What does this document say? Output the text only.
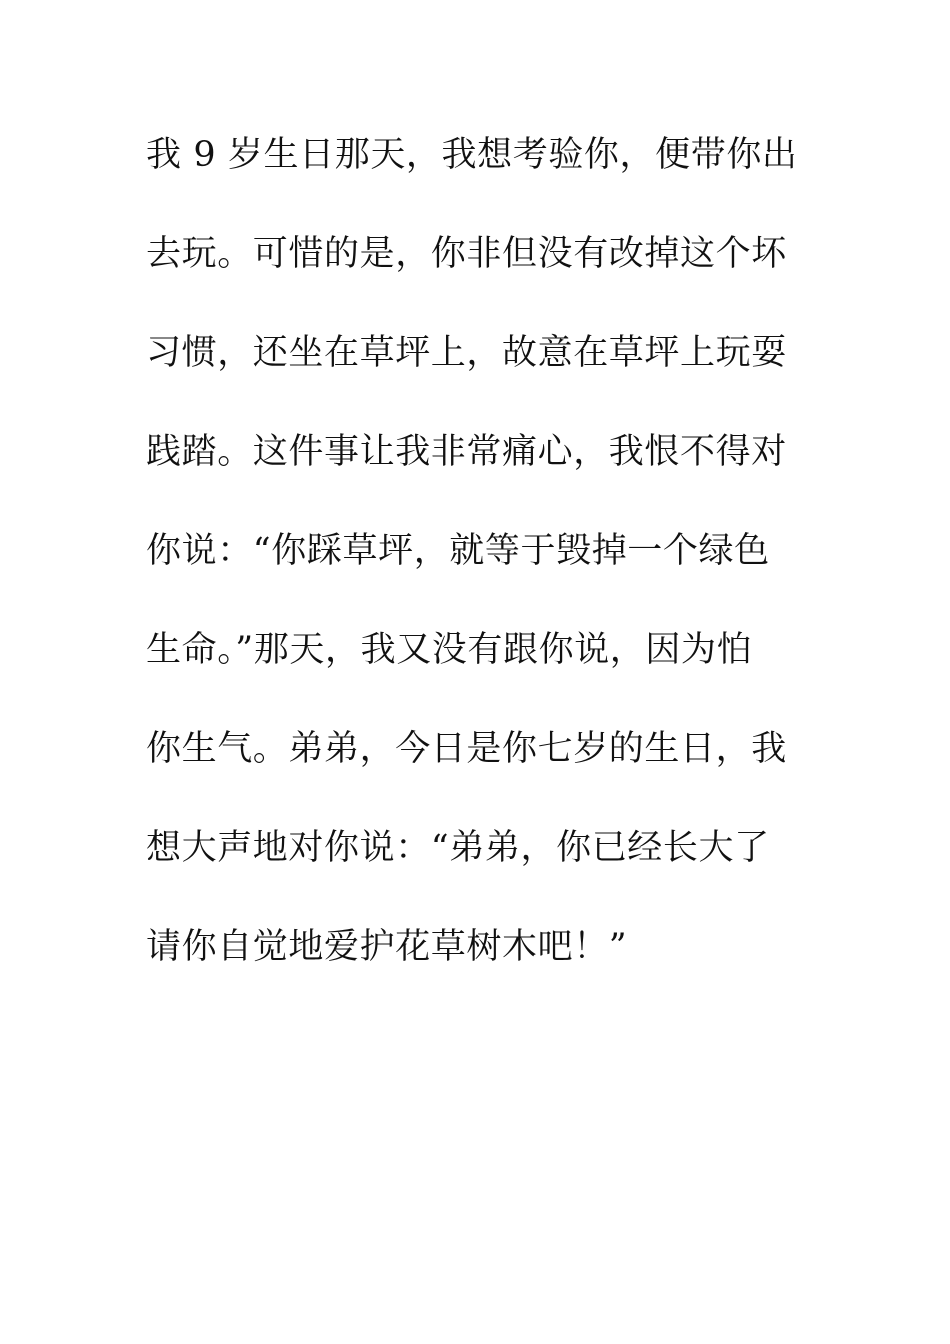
我 9 岁生日那天，我想考验你，便带你出
去玩。可惜的是，你非但没有改掉这个坏
习惯，还坐在草坪上，故意在草坪上玩耍
践踏。这件事让我非常痛心，我恨不得对
你说：“你踩草坪，就等于毁掉一个绿色
生命。”那天，我又没有跟你说，因为怕
你生气。弟弟，今日是你七岁的生日，我
想大声地对你说：“弟弟，你已经长大了
请你自觉地爱护花草树木吧！”
